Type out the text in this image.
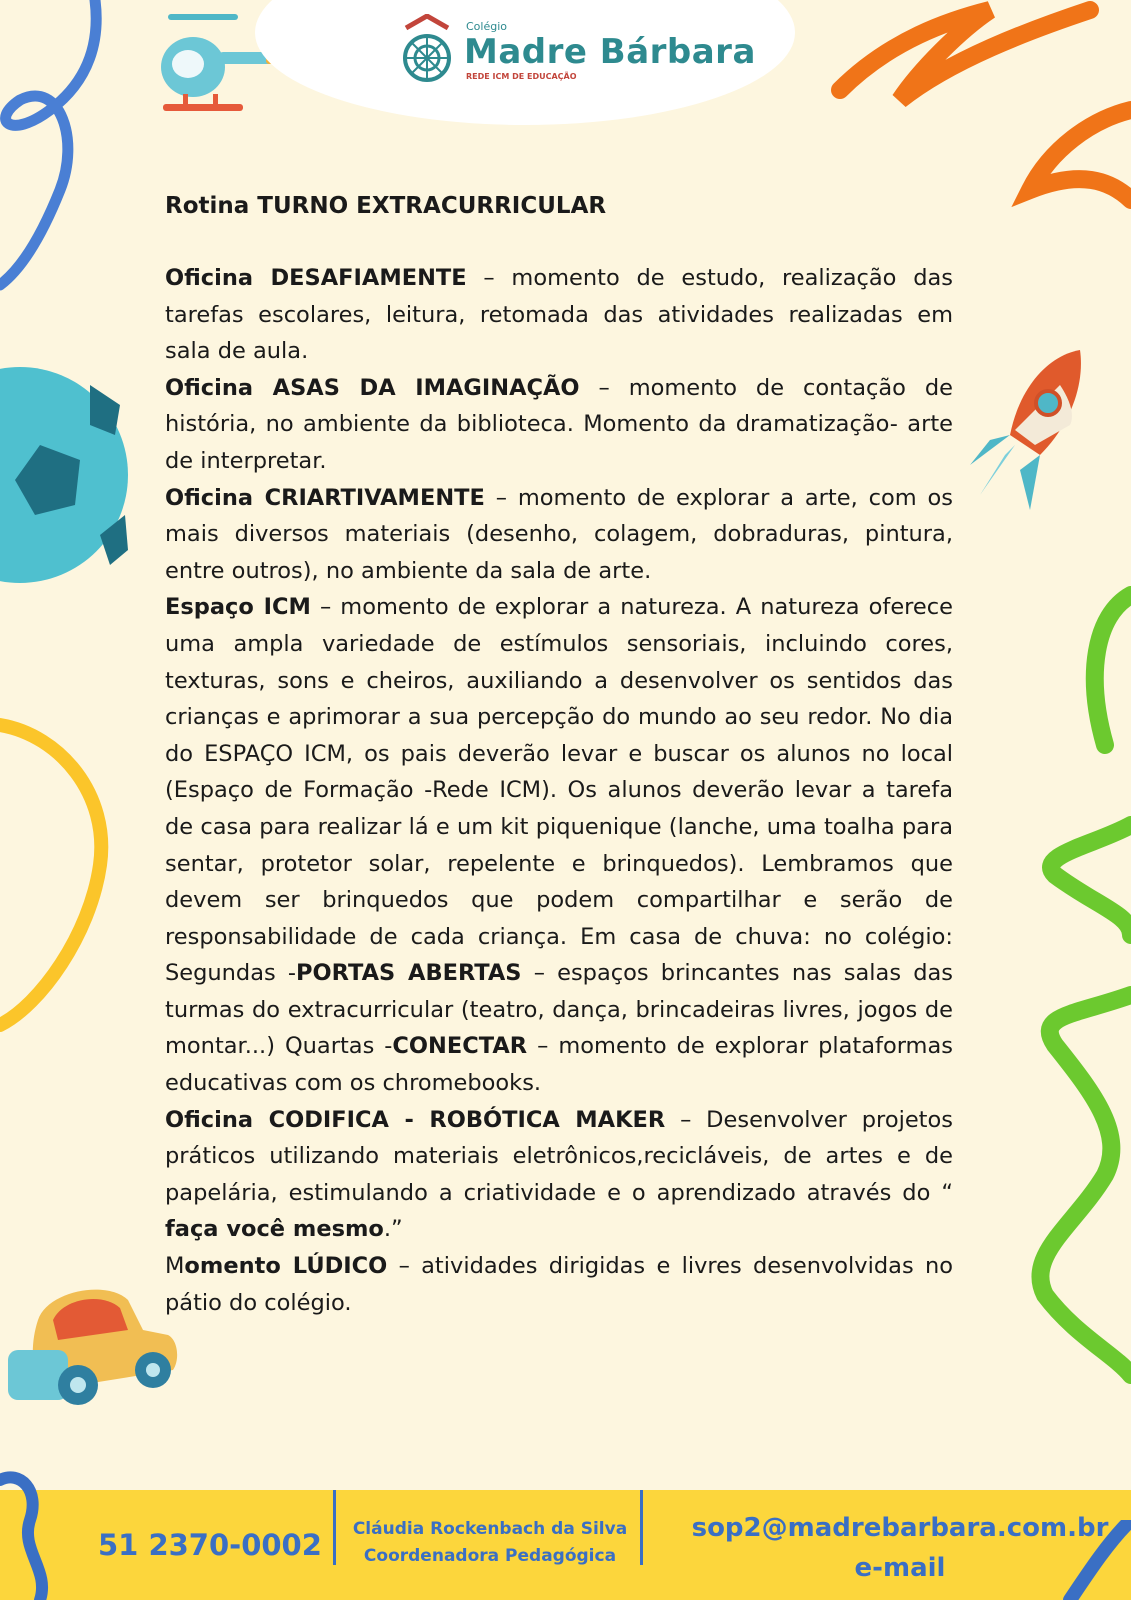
Colégio
Madre Bárbara
REDE ICM DE EDUCAÇÃO

Rotina TURNO EXTRACURRICULAR

Oficina DESAFIAMENTE – momento de estudo, realização das tarefas escolares, leitura, retomada das atividades realizadas em sala de aula.

Oficina ASAS DA IMAGINAÇÃO – momento de contação de história, no ambiente da biblioteca. Momento da dramatização- arte de interpretar.

Oficina CRIARTIVAMENTE – momento de explorar a arte, com os mais diversos materiais (desenho, colagem, dobraduras, pintura, entre outros), no ambiente da sala de arte.

Espaço ICM – momento de explorar a natureza. A natureza oferece uma ampla variedade de estímulos sensoriais, incluindo cores, texturas, sons e cheiros, auxiliando a desenvolver os sentidos das crianças e aprimorar a sua percepção do mundo ao seu redor. No dia do ESPAÇO ICM, os pais deverão levar e buscar os alunos no local (Espaço de Formação -Rede ICM). Os alunos deverão levar a tarefa de casa para realizar lá e um kit piquenique (lanche, uma toalha para sentar, protetor solar, repelente e brinquedos). Lembramos que devem ser brinquedos que podem compartilhar e serão de responsabilidade de cada criança. Em casa de chuva: no colégio: Segundas -PORTAS ABERTAS – espaços brincantes nas salas das turmas do extracurricular (teatro, dança, brincadeiras livres, jogos de montar...) Quartas -CONECTAR – momento de explorar plataformas educativas com os chromebooks.

Oficina CODIFICA - ROBÓTICA MAKER – Desenvolver projetos práticos utilizando materiais eletrônicos,recicláveis, de artes e de papelária, estimulando a criatividade e o aprendizado através do “ faça você mesmo.”

Momento LÚDICO – atividades dirigidas e livres desenvolvidas no pátio do colégio.

51 2370-0002	Cláudia Rockenbach da Silva
Coordenadora Pedagógica
sop2@madrebarbara.com.br
e-mail
